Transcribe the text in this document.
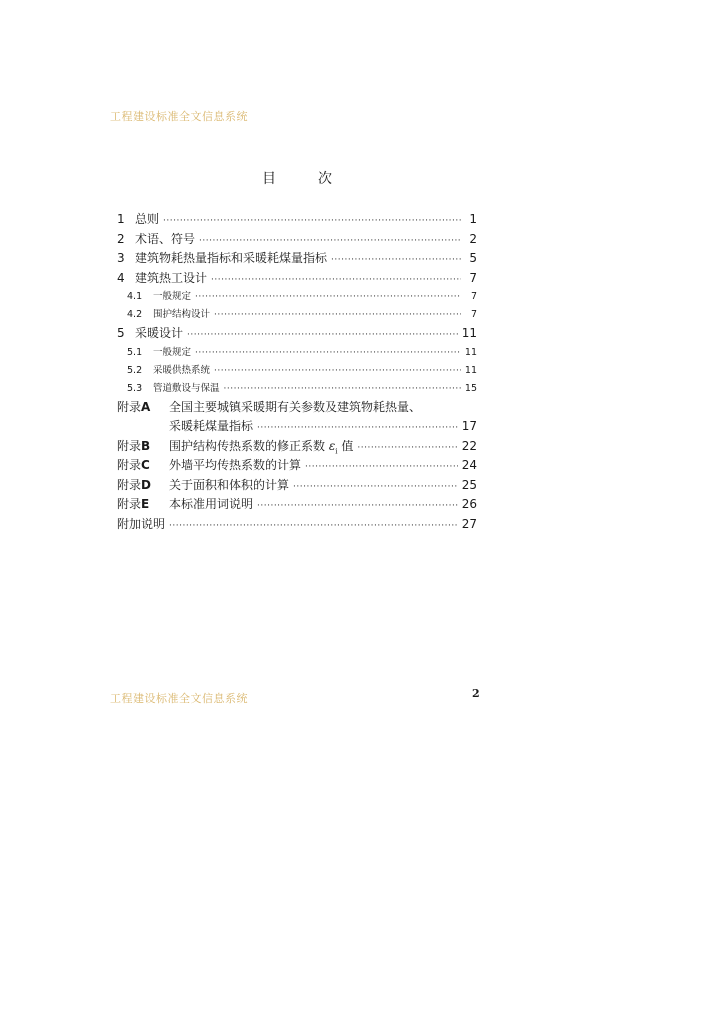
工程建设标准全文信息系统
目	次
1 总则 ·····	1
2 术语、符号 ·····	2
3 建筑物耗热量指标和采暖耗煤量指标 ·····	5
4 建筑热工设计 ·····	7
4.1	一般规定 ·····	7
4.2	围护结构设计 ·····	7
5 采暖设计 ·····	11
5.1	一般规定 ·····	11
5.2	采暖供热系统 ·····	11
5.3	管道敷设与保温 ·····	15
附录A	全国主要城镇采暖期有关参数及建筑物耗热量、
采暖耗煤量指标 ·····	17
附录B	围护结构传热系数的修正系数 $\varepsilon_i$ 值 ·····	22
附录C	外墙平均传热系数的计算 ·····	24
附录D	关于面积和体积的计算 ·····	25
附录E	本标准用词说明 ·····	26
附加说明 ·····	27
工程建设标准全文信息系统	2
